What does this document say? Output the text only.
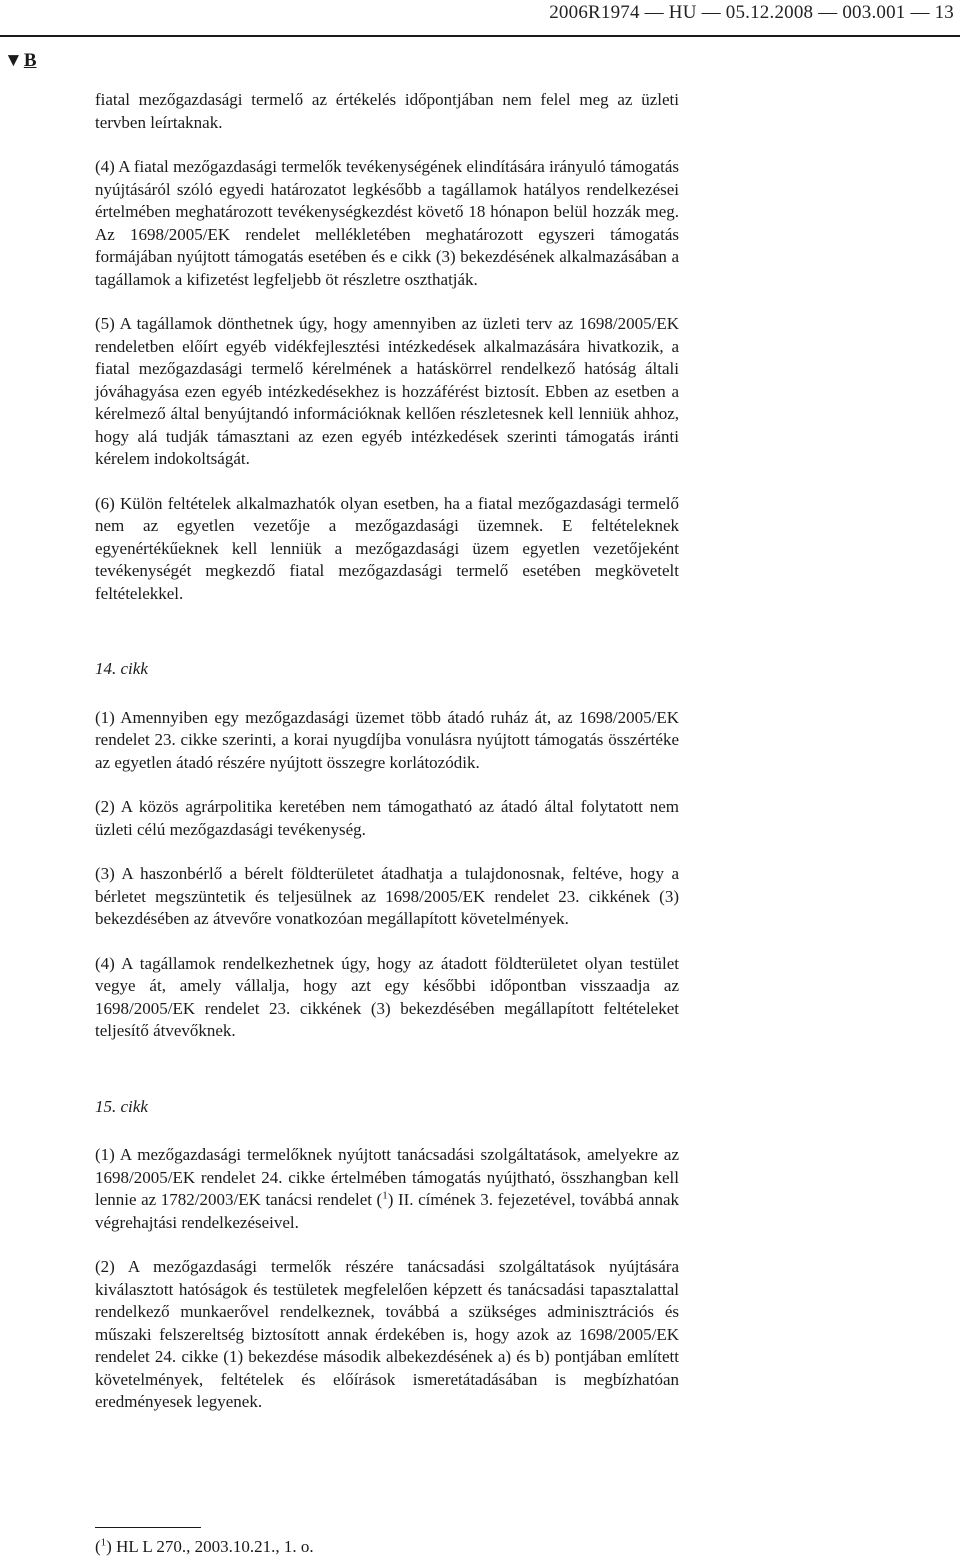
2006R1974 — HU — 05.12.2008 — 003.001 — 13
▼B

fiatal mezőgazdasági termelő az értékelés időpontjában nem felel meg az üzleti tervben leírtaknak.

(4) A fiatal mezőgazdasági termelők tevékenységének elindítására irányuló támogatás nyújtásáról szóló egyedi határozatot legkésőbb a tagállamok hatályos rendelkezései értelmében meghatározott tevékenységkezdést követő 18 hónapon belül hozzák meg. Az 1698/2005/EK rendelet mellékletében meghatározott egyszeri támogatás formájában nyújtott támogatás esetében és e cikk (3) bekezdésének alkalmazásában a tagállamok a kifizetést legfeljebb öt részletre oszthatják.

(5) A tagállamok dönthetnek úgy, hogy amennyiben az üzleti terv az 1698/2005/EK rendeletben előírt egyéb vidékfejlesztési intézkedések alkalmazására hivatkozik, a fiatal mezőgazdasági termelő kérelmének a hatáskörrel rendelkező hatóság általi jóváhagyása ezen egyéb intézkedésekhez is hozzáférést biztosít. Ebben az esetben a kérelmező által benyújtandó információknak kellően részletesnek kell lenniük ahhoz, hogy alá tudják támasztani az ezen egyéb intézkedések szerinti támogatás iránti kérelem indokoltságát.

(6) Külön feltételek alkalmazhatók olyan esetben, ha a fiatal mezőgazdasági termelő nem az egyetlen vezetője a mezőgazdasági üzemnek. E feltételeknek egyenértékűeknek kell lenniük a mezőgazdasági üzem egyetlen vezetőjeként tevékenységét megkezdő fiatal mezőgazdasági termelő esetében megkövetelt feltételekkel.

14. cikk

(1) Amennyiben egy mezőgazdasági üzemet több átadó ruház át, az 1698/2005/EK rendelet 23. cikke szerinti, a korai nyugdíjba vonulásra nyújtott támogatás összértéke az egyetlen átadó részére nyújtott összegre korlátozódik.

(2) A közös agrárpolitika keretében nem támogatható az átadó által folytatott nem üzleti célú mezőgazdasági tevékenység.

(3) A haszonbérlő a bérelt földterületet átadhatja a tulajdonosnak, feltéve, hogy a bérletet megszüntetik és teljesülnek az 1698/2005/EK rendelet 23. cikkének (3) bekezdésében az átvevőre vonatkozóan megállapított követelmények.

(4) A tagállamok rendelkezhetnek úgy, hogy az átadott földterületet olyan testület vegye át, amely vállalja, hogy azt egy későbbi időpontban visszaadja az 1698/2005/EK rendelet 23. cikkének (3) bekezdésében megállapított feltételeket teljesítő átvevőknek.

15. cikk

(1) A mezőgazdasági termelőknek nyújtott tanácsadási szolgáltatások, amelyekre az 1698/2005/EK rendelet 24. cikke értelmében támogatás nyújtható, összhangban kell lennie az 1782/2003/EK tanácsi rendelet ($^1$) II. címének 3. fejezetével, továbbá annak végrehajtási rendelkezéseivel.

(2) A mezőgazdasági termelők részére tanácsadási szolgáltatások nyújtására kiválasztott hatóságok és testületek megfelelően képzett és tanácsadási tapasztalattal rendelkező munkaerővel rendelkeznek, továbbá a szükséges adminisztrációs és műszaki felszereltség biztosított annak érdekében is, hogy azok az 1698/2005/EK rendelet 24. cikke (1) bekezdése második albekezdésének a) és b) pontjában említett követelmények, feltételek és előírások ismeretátadásában is megbízhatóan eredményesek legyenek.

($^1$) HL L 270., 2003.10.21., 1. o.
